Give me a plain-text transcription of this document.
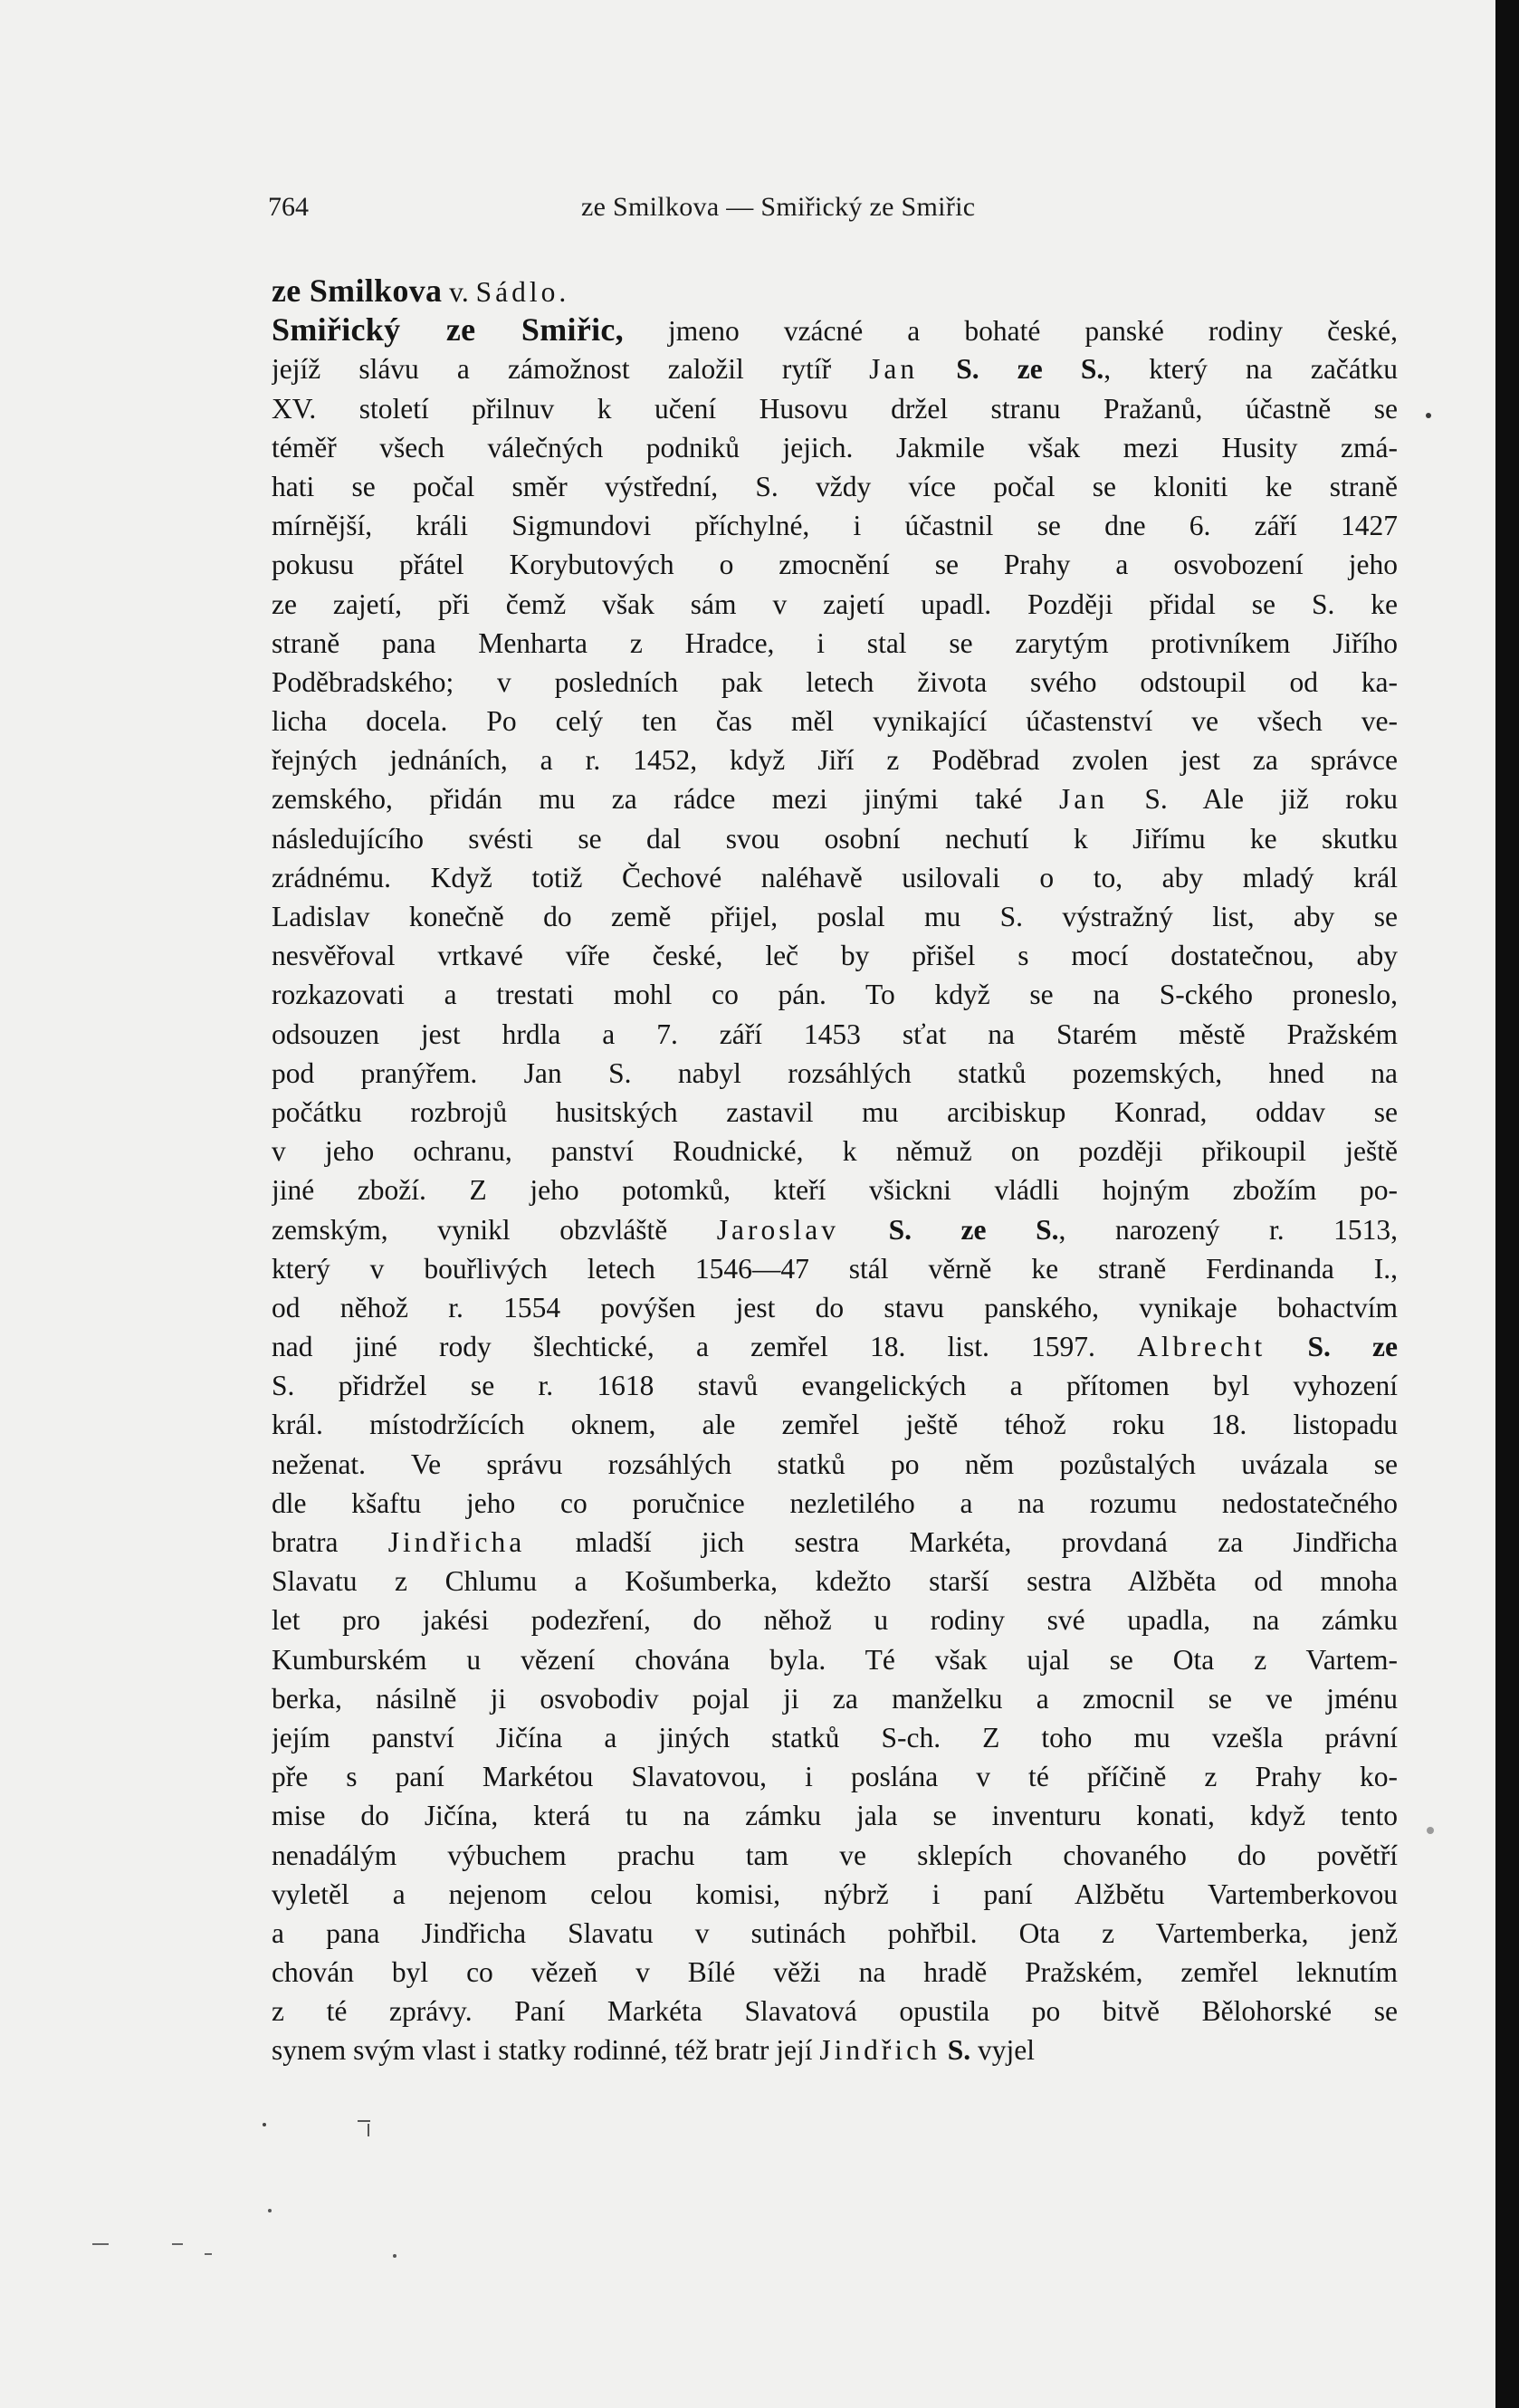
764	ze Smilkova — Smiřický ze Smiřic
ze Smilkova v. Sádlo.
Smiřický ze Smiřic, jmeno vzácné a bohaté panské rodiny české,
jejíž slávu a zámožnost založil rytíř Jan S. ze S., který na začátku
XV. století přilnuv k učení Husovu držel stranu Pražanů, účastně se
téměř všech válečných podniků jejich. Jakmile však mezi Husity zmá-
hati se počal směr výstřední, S. vždy více počal se kloniti ke straně
mírnější, králi Sigmundovi příchylné, i účastnil se dne 6. září 1427
pokusu přátel Korybutových o zmocnění se Prahy a osvobození jeho
ze zajetí, při čemž však sám v zajetí upadl. Později přidal se S. ke
straně pana Menharta z Hradce, i stal se zarytým protivníkem Jiřího
Poděbradského; v posledních pak letech života svého odstoupil od ka-
licha docela. Po celý ten čas měl vynikající účastenství ve všech ve-
řejných jednáních, a r. 1452, když Jiří z Poděbrad zvolen jest za správce
zemského, přidán mu za rádce mezi jinými také Jan S. Ale již roku
následujícího svésti se dal svou osobní nechutí k Jiřímu ke skutku
zrádnému. Když totiž Čechové naléhavě usilovali o to, aby mladý král
Ladislav konečně do země přijel, poslal mu S. výstražný list, aby se
nesvěřoval vrtkavé víře české, leč by přišel s mocí dostatečnou, aby
rozkazovati a trestati mohl co pán. To když se na S-ckého proneslo,
odsouzen jest hrdla a 7. září 1453 sťat na Starém městě Pražském
pod pranýřem. Jan S. nabyl rozsáhlých statků pozemských, hned na
počátku rozbrojů husitských zastavil mu arcibiskup Konrad, oddav se
v jeho ochranu, panství Roudnické, k němuž on později přikoupil ještě
jiné zboží. Z jeho potomků, kteří všickni vládli hojným zbožím po-
zemským, vynikl obzvláště Jaroslav S. ze S., narozený r. 1513,
který v bouřlivých letech 1546—47 stál věrně ke straně Ferdinanda I.,
od něhož r. 1554 povýšen jest do stavu panského, vynikaje bohactvím
nad jiné rody šlechtické, a zemřel 18. list. 1597. Albrecht S. ze
S. přidržel se r. 1618 stavů evangelických a přítomen byl vyhození
král. místodržících oknem, ale zemřel ještě téhož roku 18. listopadu
neženat. Ve správu rozsáhlých statků po něm pozůstalých uvázala se
dle kšaftu jeho co poručnice nezletilého a na rozumu nedostatečného
bratra Jindřicha mladší jich sestra Markéta, provdaná za Jindřicha
Slavatu z Chlumu a Košumberka, kdežto starší sestra Alžběta od mnoha
let pro jakési podezření, do něhož u rodiny své upadla, na zámku
Kumburském u vězení chována byla. Té však ujal se Ota z Vartem-
berka, násilně ji osvobodiv pojal ji za manželku a zmocnil se ve jménu
jejím panství Jičína a jiných statků S-ch. Z toho mu vzešla právní
pře s paní Markétou Slavatovou, i poslána v té příčině z Prahy ko-
mise do Jičína, která tu na zámku jala se inventuru konati, když tento
nenadálým výbuchem prachu tam ve sklepích chovaného do povětří
vyletěl a nejenom celou komisi, nýbrž i paní Alžbětu Vartemberkovou
a pana Jindřicha Slavatu v sutinách pohřbil. Ota z Vartemberka, jenž
chován byl co vězeň v Bílé věži na hradě Pražském, zemřel leknutím
z té zprávy. Paní Markéta Slavatová opustila po bitvě Bělohorské se
synem svým vlast i statky rodinné, též bratr její Jindřich S. vyjel
